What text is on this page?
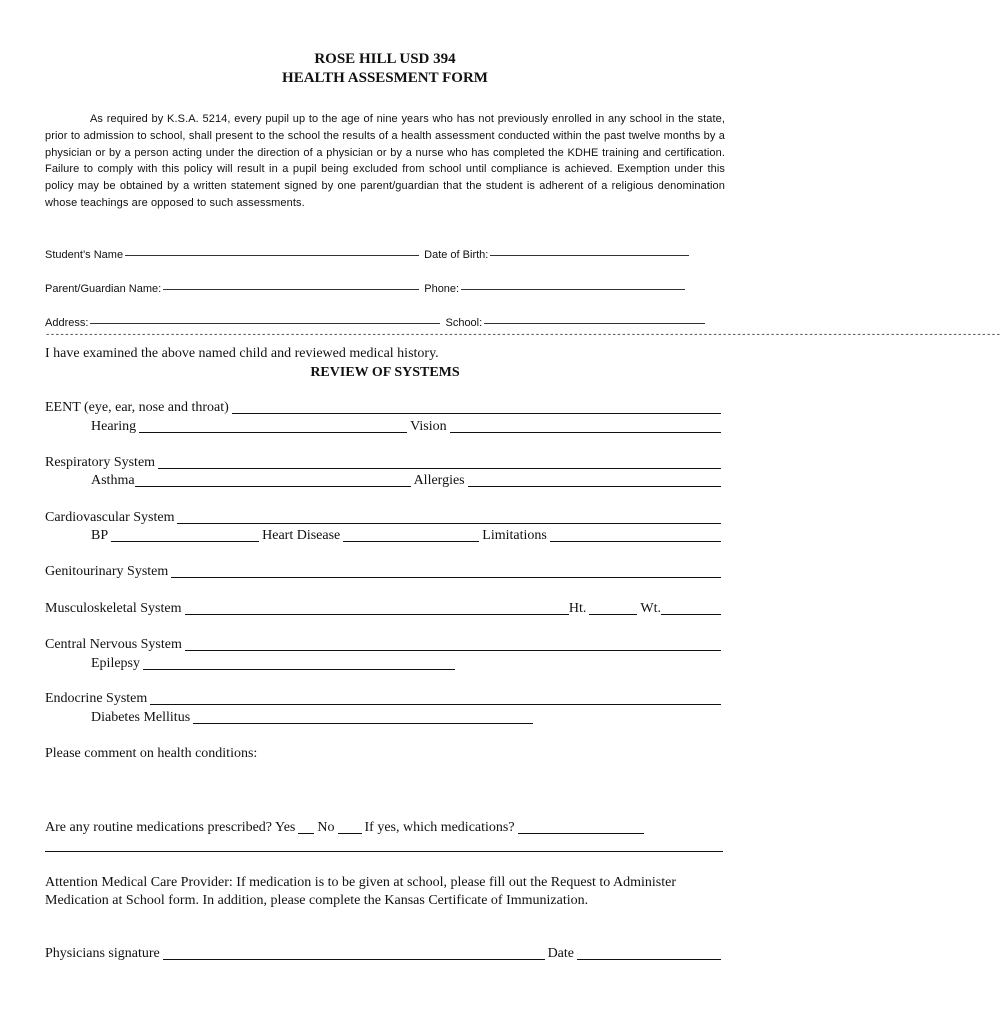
ROSE HILL USD 394
HEALTH ASSESMENT FORM
As required by K.S.A. 5214, every pupil up to the age of nine years who has not previously enrolled in any school in the state, prior to admission to school, shall present to the school the results of a health assessment conducted within the past twelve months by a physician or by a person acting under the direction of a physician or by a nurse who has completed the KDHE training and certification. Failure to comply with this policy will result in a pupil being excluded from school until compliance is achieved. Exemption under this policy may be obtained by a written statement signed by one parent/guardian that the student is adherent of a religious denomination whose teachings are opposed to such assessments.
Student’s Name	Date of Birth:
Parent/Guardian Name:	Phone:
Address:	School:
-------------------------------------------------------------------------------------------------------------------------------------------------------------------------------------------------------
I have examined the above named child and reviewed medical history.
REVIEW OF SYSTEMS
EENT (eye, ear, nose and throat)
Hearing	Vision
Respiratory System
Asthma	Allergies
Cardiovascular System
BP	Heart Disease	Limitations
Genitourinary System
Musculoskeletal System	Ht.	Wt.
Central Nervous System
Epilepsy
Endocrine System
Diabetes Mellitus
Please comment on health conditions:
Are any routine medications prescribed? Yes No If yes, which medications?
Attention Medical Care Provider: If medication is to be given at school, please fill out the Request to Administer Medication at School form. In addition, please complete the Kansas Certificate of Immunization.
Physicians signature	Date
